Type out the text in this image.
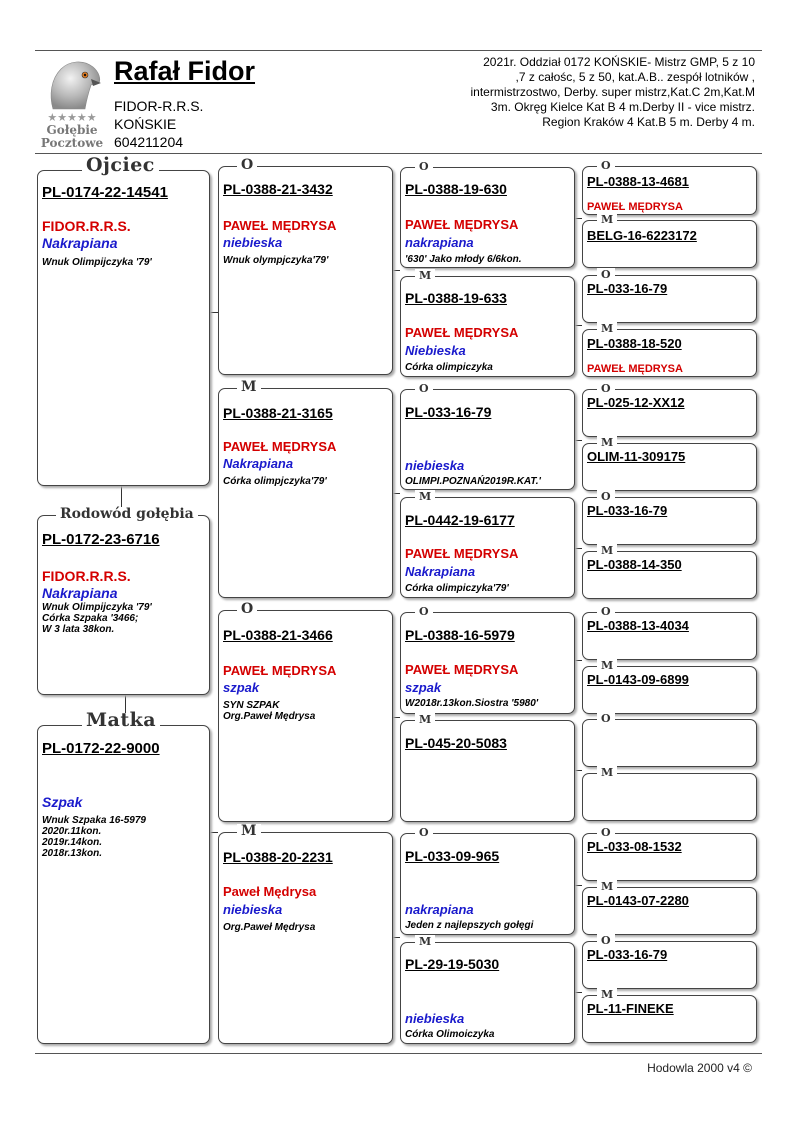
★★★★★
Gołębie
Pocztowe
Rafał Fidor
FIDOR-R.R.S.
KOŃSKIE
604211204
2021r. Oddział 0172 KOŃSKIE- Mistrz GMP, 5 z 10 ,7 z całośc, 5 z 50, kat.A.B.. zespół lotników , intermistrzostwo, Derby. super mistrz,Kat.C 2m,Kat.M 3m. Okręg Kielce Kat B 4 m.Derby II - vice mistrz. Region Kraków 4 Kat.B 5 m. Derby 4 m.
Ojciec
PL-0174-22-14541
FIDOR.R.R.S.
Nakrapiana
Wnuk Olimpijczyka '79'
Rodowód gołębia
PL-0172-23-6716
FIDOR.R.R.S.
Nakrapiana
Wnuk Olimpijczyka '79'
Córka Szpaka '3466;
W 3 lata 38kon.
Matka
PL-0172-22-9000
Szpak
Wnuk Szpaka 16-5979
2020r.11kon.
2019r.14kon.
2018r.13kon.
O
PL-0388-21-3432
PAWEŁ MĘDRYSA
niebieska
Wnuk olympjczyka'79'
M
PL-0388-21-3165
PAWEŁ MĘDRYSA
Nakrapiana
Córka olimpjczyka'79'
O
PL-0388-21-3466
PAWEŁ MĘDRYSA
szpak
SYN SZPAK
Org.Paweł Mędrysa
M
PL-0388-20-2231
Paweł Mędrysa
niebieska
Org.Paweł Mędrysa
O
PL-0388-19-630
PAWEŁ MĘDRYSA
nakrapiana
'630' Jako młody 6/6kon.
M
PL-0388-19-633
PAWEŁ MĘDRYSA
Niebieska
Córka olimpiczyka
O
PL-033-16-79
niebieska
OLIMPI.POZNAŃ2019R.KAT.'
M
PL-0442-19-6177
PAWEŁ MĘDRYSA
Nakrapiana
Córka olimpiczyka'79'
O
PL-0388-16-5979
PAWEŁ MĘDRYSA
szpak
W2018r.13kon.Siostra '5980'
M
PL-045-20-5083
O
PL-033-09-965
nakrapiana
Jeden z najlepszych gołęgi
M
PL-29-19-5030
niebieska
Córka Olimoiczyka
O
PL-0388-13-4681
PAWEŁ MĘDRYSA
M
BELG-16-6223172
O
PL-033-16-79
M
PL-0388-18-520
PAWEŁ MĘDRYSA
O
PL-025-12-XX12
M
OLIM-11-309175
O
PL-033-16-79
M
PL-0388-14-350
O
PL-0388-13-4034
M
PL-0143-09-6899
O
M
O
PL-033-08-1532
M
PL-0143-07-2280
O
PL-033-16-79
M
PL-11-FINEKE
Hodowla 2000 v4 ©
